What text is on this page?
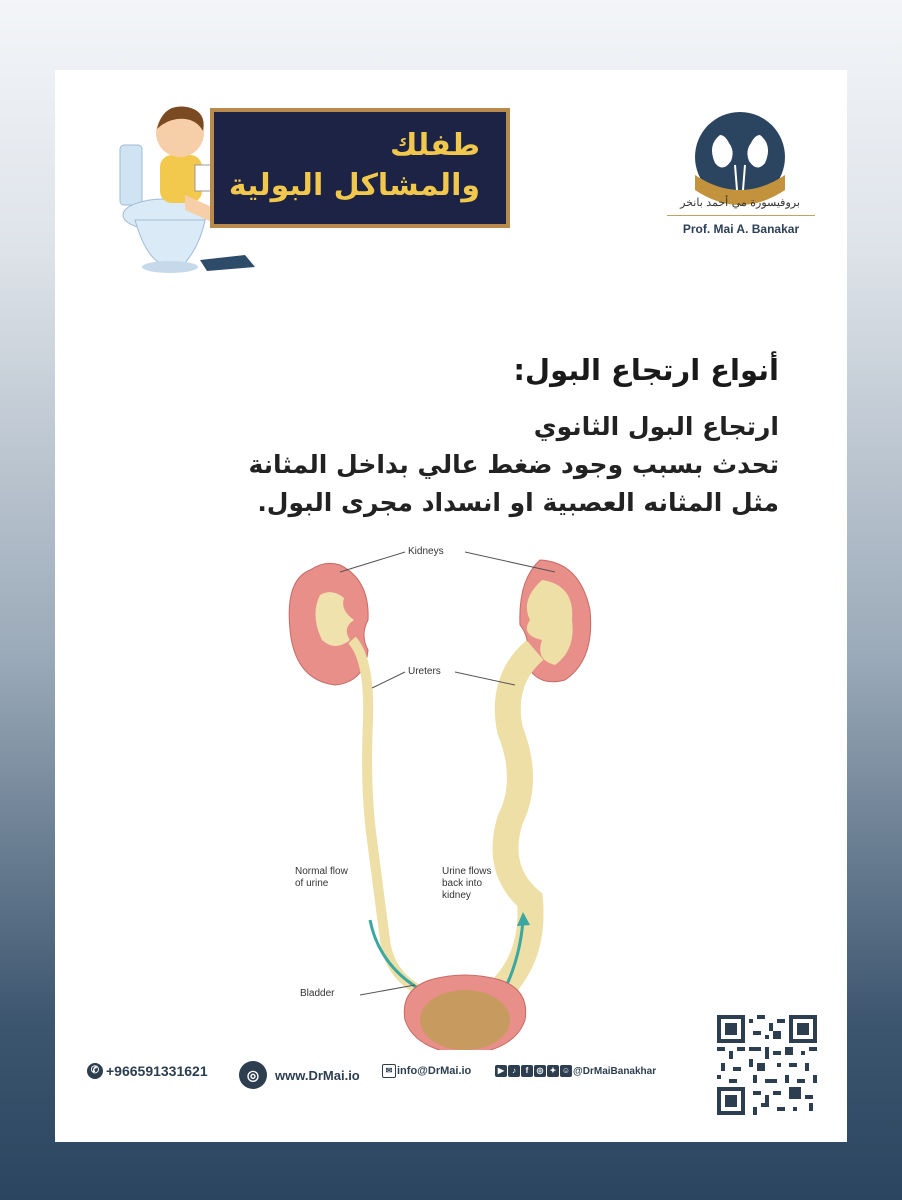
طفلك
والمشاكل البولية	بروفيسورة مي أحمد بانخر
Prof. Mai A. Banakar
أنواع ارتجاع البول:
ارتجاع البول الثانوي
تحدث بسبب وجود ضغط عالي بداخل المثانة
مثل المثانه العصبية او انسداد مجرى البول.
Kidneys
Ureters
Normal flow
of urine
Urine flows
back into
kidney
Bladder
✆ +966591331621	◎	www.DrMai.io	✉ info@DrMai.io	▶ ♪	f	◎ ✦ ☺ @DrMaiBanakhar
